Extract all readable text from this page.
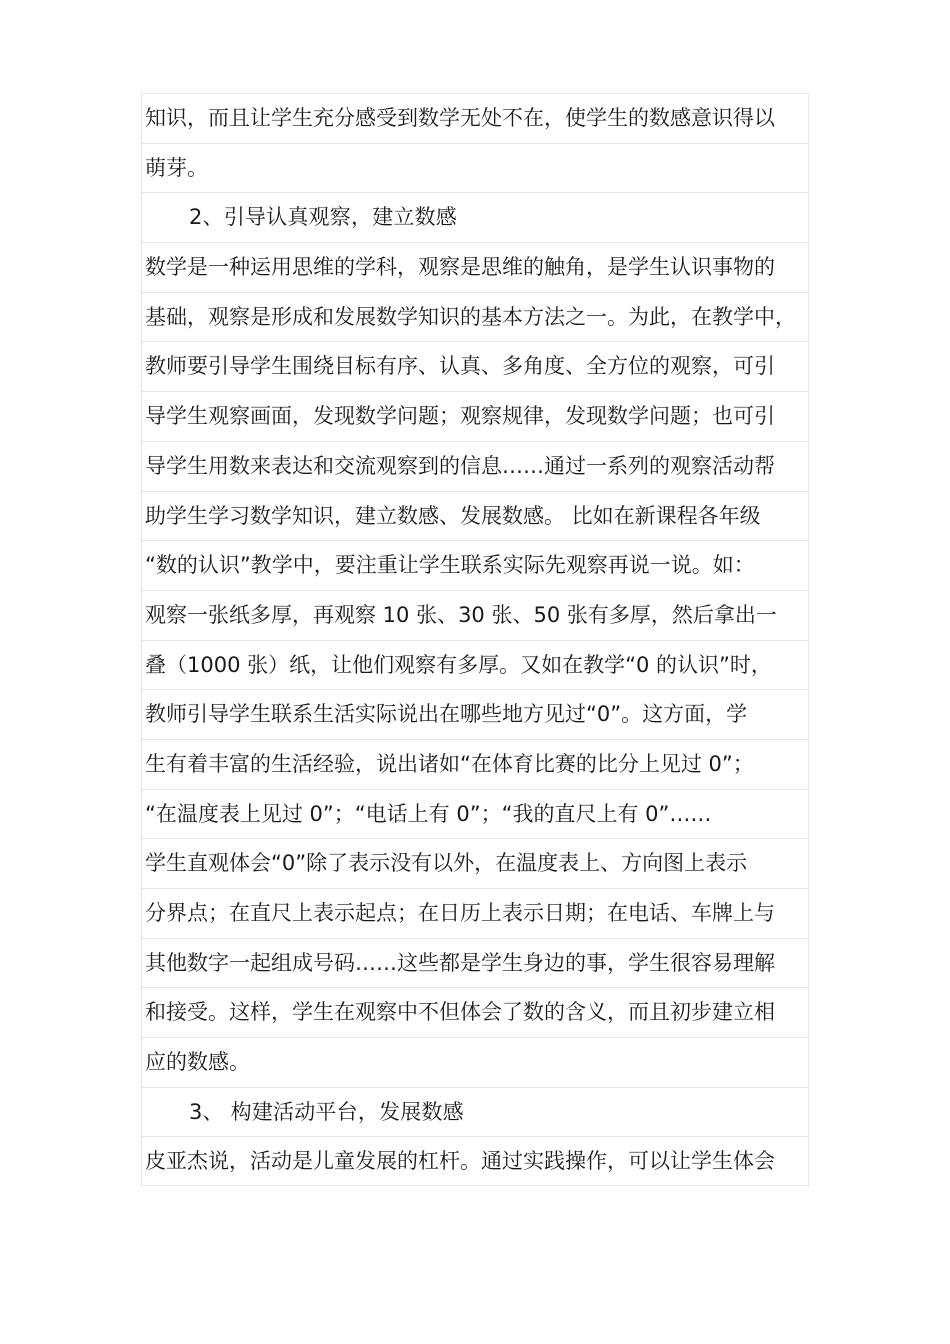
知识，而且让学生充分感受到数学无处不在，使学生的数感意识得以
萌芽。
2、引导认真观察，建立数感
数学是一种运用思维的学科，观察是思维的触角，是学生认识事物的
基础，观察是形成和发展数学知识的基本方法之一。为此，在教学中，
教师要引导学生围绕目标有序、认真、多角度、全方位的观察，可引
导学生观察画面，发现数学问题；观察规律，发现数学问题；也可引
导学生用数来表达和交流观察到的信息……通过一系列的观察活动帮
助学生学习数学知识，建立数感、发展数感。 比如在新课程各年级
“数的认识”教学中，要注重让学生联系实际先观察再说一说。如：
观察一张纸多厚，再观察 10 张、30 张、50 张有多厚，然后拿出一
叠（1000 张）纸，让他们观察有多厚。又如在教学“0 的认识”时，
教师引导学生联系生活实际说出在哪些地方见过“0”。这方面，学
生有着丰富的生活经验，说出诸如“在体育比赛的比分上见过 0”；
“在温度表上见过 0”；“电话上有 0”；“我的直尺上有 0”……
学生直观体会“0”除了表示没有以外，在温度表上、方向图上表示
分界点；在直尺上表示起点；在日历上表示日期；在电话、车牌上与
其他数字一起组成号码……这些都是学生身边的事，学生很容易理解
和接受。这样，学生在观察中不但体会了数的含义，而且初步建立相
应的数感。
3、 构建活动平台，发展数感
皮亚杰说，活动是儿童发展的杠杆。通过实践操作，可以让学生体会
